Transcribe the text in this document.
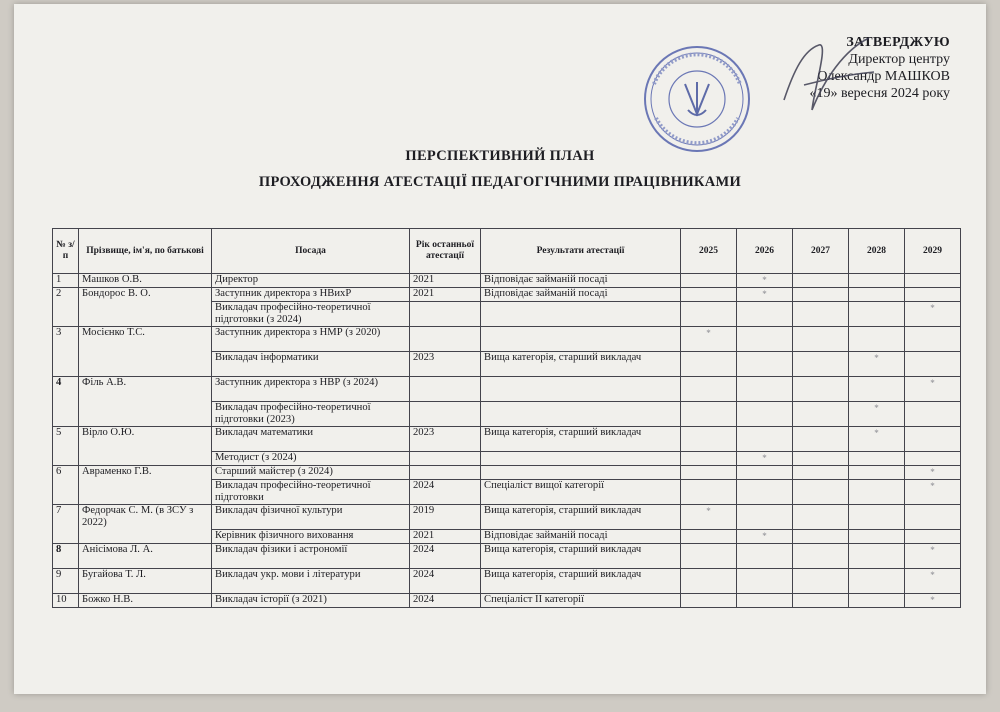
ЗАТВЕРДЖУЮ
Директор центру
Олександр МАШКОВ
«19» вересня 2024 року
ПЕРСПЕКТИВНИЙ ПЛАН
ПРОХОДЖЕННЯ АТЕСТАЦІЇ ПЕДАГОГІЧНИМИ ПРАЦІВНИКАМИ
№ з/п	Прізвище, ім'я, по батькові	Посада	Рік останньої атестації	Результати атестації	2025	2026	2027	2028	2029
1	Машков О.В.	Директор	2021	Відповідає займаній посаді		*			
2	Бондорос В. О.	Заступник директора з НВихР	2021	Відповідає займаній посаді		*			
		Викладач професійно-теоретичної підготовки (з 2024)							*
3	Мосієнко Т.С.	Заступник директора з НМР (з 2020)			*				
		Викладач інформатики	2023	Вища категорія, старший викладач				*	
4	Філь А.В.	Заступник директора з НВР (з 2024)							*
		Викладач професійно-теоретичної підготовки (2023)						*	
5	Вірло О.Ю.	Викладач математики	2023	Вища категорія, старший викладач				*	
		Методист (з 2024)				*			
6	Авраменко Г.В.	Старший майстер (з 2024)							*
		Викладач професійно-теоретичної підготовки	2024	Спеціаліст вищої категорії					*
7	Федорчак С. М. (в ЗСУ з 2022)	Викладач фізичної культури	2019	Вища категорія, старший викладач	*				
		Керівник фізичного виховання	2021	Відповідає займаній посаді		*			
8	Анісімова Л. А.	Викладач фізики і астрономії	2024	Вища категорія, старший викладач					*
9	Бугайова Т. Л.	Викладач укр. мови і літератури	2024	Вища категорія, старший викладач					*
10	Божко Н.В.	Викладач історії (з 2021)	2024	Спеціаліст ІІ категорії					*
